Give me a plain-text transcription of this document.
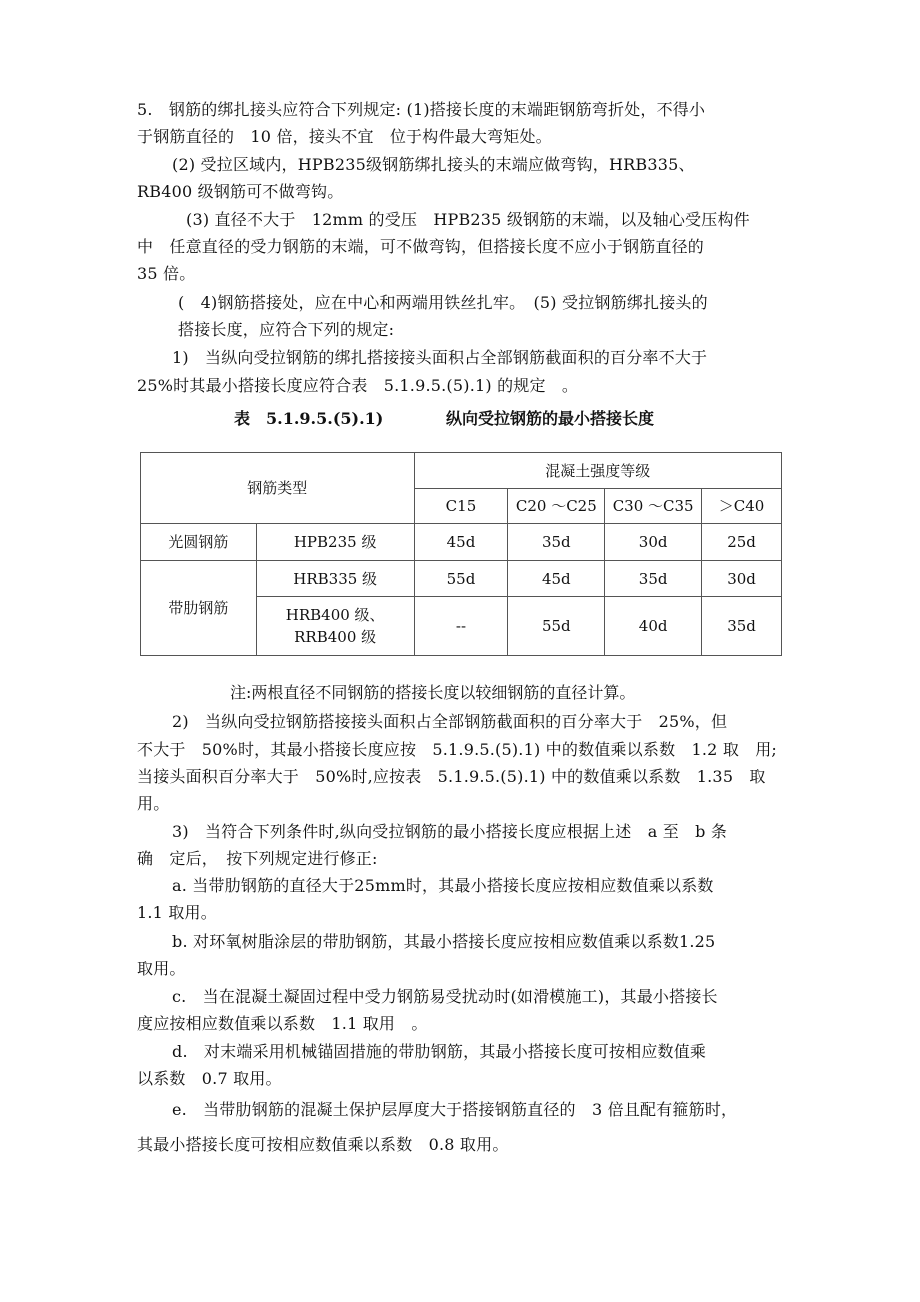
5.　钢筋的绑扎接头应符合下列规定: (1)搭接长度的末端距钢筋弯折处，不得小
于钢筋直径的　10 倍，接头不宜　位于构件最大弯矩处。
(2) 受拉区域内，HPB235级钢筋绑扎接头的末端应做弯钩，HRB335、
RB400 级钢筋可不做弯钩。
(3) 直径不大于　12mm 的受压　HPB235 级钢筋的末端，以及轴心受压构件
中　任意直径的受力钢筋的末端，可不做弯钩，但搭接长度不应小于钢筋直径的
35 倍。
(　4)钢筋搭接处，应在中心和两端用铁丝扎牢。　(5) 受拉钢筋绑扎接头的
搭接长度，应符合下列的规定:
1)　当纵向受拉钢筋的绑扎搭接接头面积占全部钢筋截面积的百分率不大于
25%时其最小搭接长度应符合表　5.1.9.5.(5).1) 的规定　。
表　5.1.9.5.(5).1)	纵向受拉钢筋的最小搭接长度
钢筋类型		混凝土强度等级			
		C15	C20 ～C25	C30 ～C35	＞C40
光圆钢筋	HPB235 级	45d	35d	30d	25d
带肋钢筋	HRB335 级	55d	45d	35d	30d

	HRB400 级、
RRB400 级	--	55d	40d	35d
注:两根直径不同钢筋的搭接长度以较细钢筋的直径计算。
2)　当纵向受拉钢筋搭接接头面积占全部钢筋截面积的百分率大于　25%，但
不大于　50%时，其最小搭接长度应按　5.1.9.5.(5).1) 中的数值乘以系数　1.2 取　用;
当接头面积百分率大于　50%时,应按表　5.1.9.5.(5).1) 中的数值乘以系数　1.35　取
用。
3)　当符合下列条件时,纵向受拉钢筋的最小搭接长度应根据上述　a 至　b 条
确　定后，　按下列规定进行修正:
a. 当带肋钢筋的直径大于25mm时，其最小搭接长度应按相应数值乘以系数
1.1 取用。
b. 对环氧树脂涂层的带肋钢筋，其最小搭接长度应按相应数值乘以系数1.25
取用。
c.　当在混凝土凝固过程中受力钢筋易受扰动时(如滑模施工)，其最小搭接长
度应按相应数值乘以系数　1.1 取用　。
d.　对末端采用机械锚固措施的带肋钢筋，其最小搭接长度可按相应数值乘
以系数　0.7 取用。
e.　当带肋钢筋的混凝土保护层厚度大于搭接钢筋直径的　3 倍且配有箍筋时，
其最小搭接长度可按相应数值乘以系数　0.8 取用。
